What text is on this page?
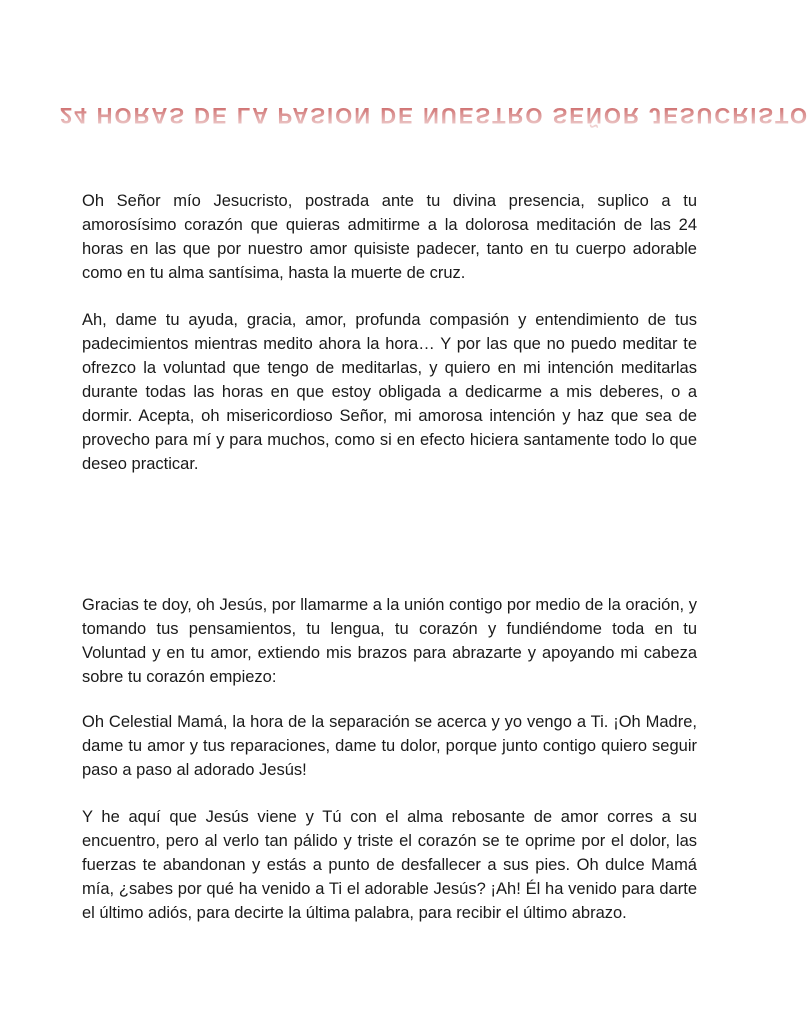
24 HORAS DE LA PASION DE NUESTRO SEÑOR JESUCRISTO

Oh Señor mío Jesucristo, postrada ante tu divina presencia, suplico a tu amorosísimo corazón que quieras admitirme a la dolorosa meditación de las 24 horas en las que por nuestro amor quisiste padecer, tanto en tu cuerpo adorable como en tu alma santísima, hasta la muerte de cruz.

Ah, dame tu ayuda, gracia, amor, profunda compasión y entendimiento de tus padecimientos mientras medito ahora la hora… Y por las que no puedo meditar te ofrezco la voluntad que tengo de meditarlas, y quiero en mi intención meditarlas durante todas las horas en que estoy obligada a dedicarme a mis deberes, o a dormir. Acepta, oh misericordioso Señor, mi amorosa intención y haz que sea de provecho para mí y para muchos, como si en efecto hiciera santamente todo lo que deseo practicar.

Gracias te doy, oh Jesús, por llamarme a la unión contigo por medio de la oración, y tomando tus pensamientos, tu lengua, tu corazón y fundiéndome toda en tu Voluntad y en tu amor, extiendo mis brazos para abrazarte y apoyando mi cabeza sobre tu corazón empiezo:

Oh Celestial Mamá, la hora de la separación se acerca y yo vengo a Ti. ¡Oh Madre, dame tu amor y tus reparaciones, dame tu dolor, porque junto contigo quiero seguir paso a paso al adorado Jesús!

Y he aquí que Jesús viene y Tú con el alma rebosante de amor corres a su encuentro, pero al verlo tan pálido y triste el corazón se te oprime por el dolor, las fuerzas te abandonan y estás a punto de desfallecer a sus pies. Oh dulce Mamá mía, ¿sabes por qué ha venido a Ti el adorable Jesús? ¡Ah! Él ha venido para darte el último adiós, para decirte la última palabra, para recibir el último abrazo.
